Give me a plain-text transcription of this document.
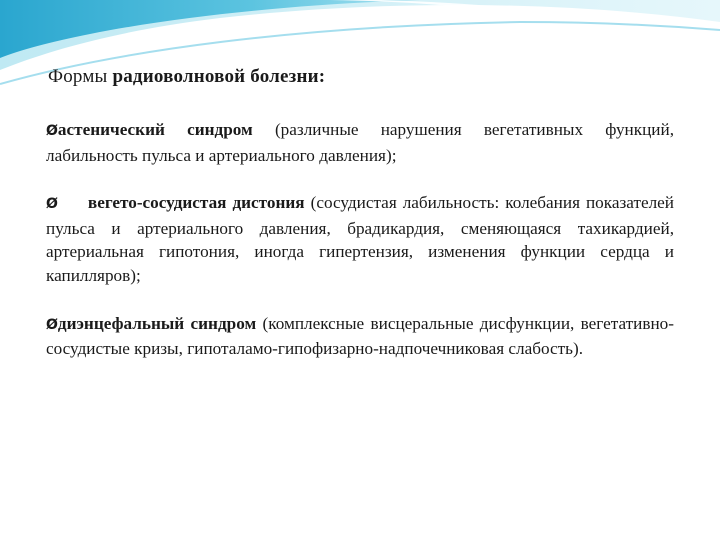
Формы радиоволновой болезни:

Øастенический синдром (различные нарушения вегетативных функций, лабильность пульса и артериального давления);

Ø вегето-сосудистая дистония (сосудистая лабильность: колебания показателей пульса и артериального давления, брадикардия, сменяющаяся тахикардией, артериальная гипотония, иногда гипертензия, изменения функции сердца и капилляров);

Øдиэнцефальный синдром (комплексные висцеральные дисфункции, вегетативно-сосудистые кризы, гипоталамо-гипофизарно-надпочечниковая слабость).
